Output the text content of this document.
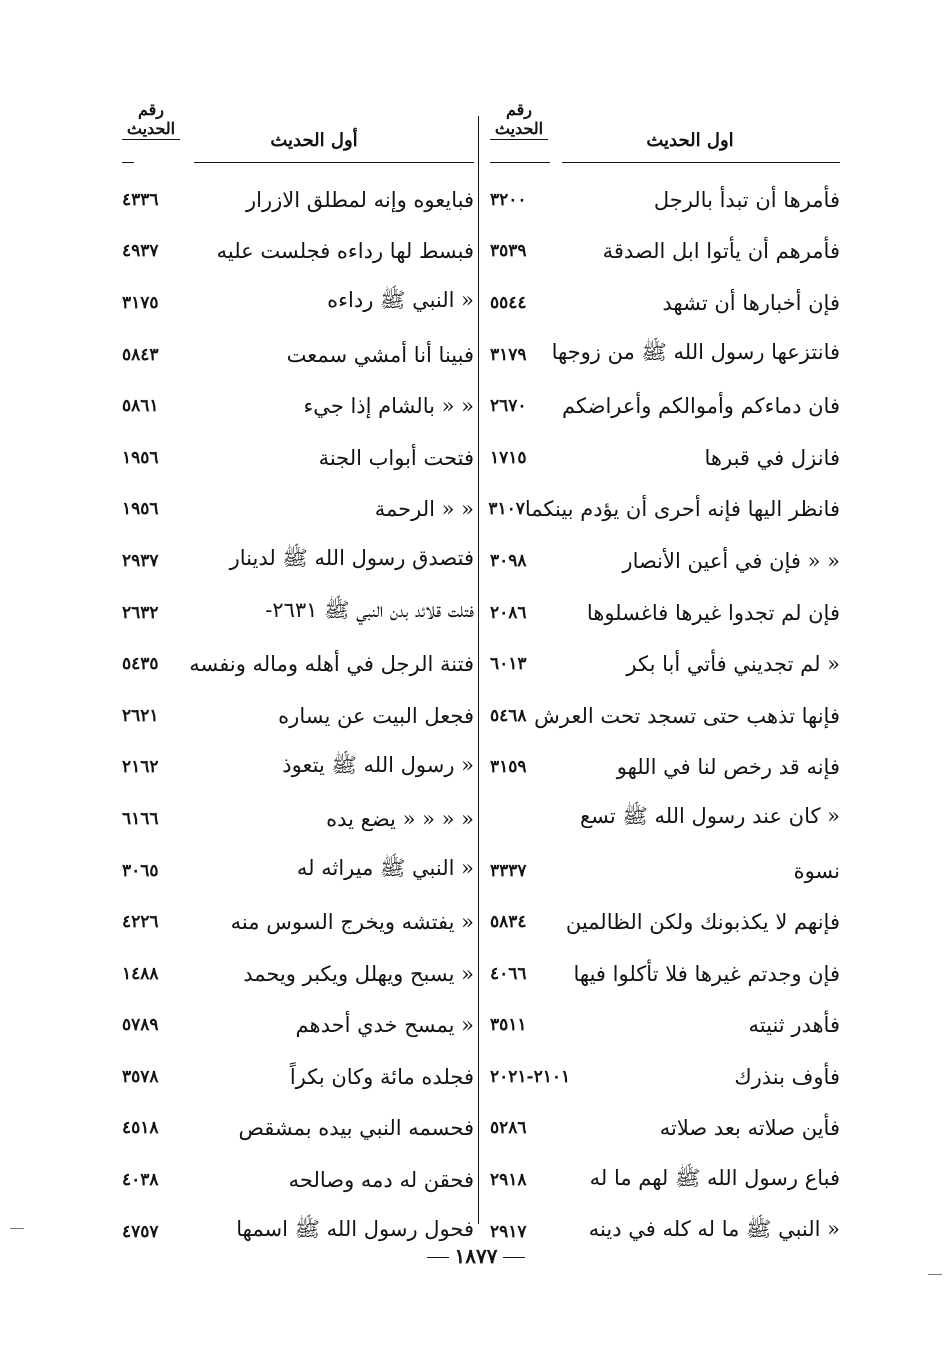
رقم الحديث
اول الحديث
فأمرها أن تبدأ بالرجل
٣٢٠٠
فأمرهم أن يأتوا ابل الصدقة
٣٥٣٩
فإن أخبارها أن تشهد
٥٥٤٤
فانتزعها رسول الله ﷺ من زوجها
٣١٧٩
فان دماءكم وأموالكم وأعراضكم
٢٦٧٠
فانزل في قبرها
١٧١٥
فانظر اليها فإنه أحرى أن يؤدم بينكما
٣١٠٧
« « فإن في أعين الأنصار
٣٠٩٨
فإن لم تجدوا غيرها فاغسلوها
٢٠٨٦
« لم تجديني فأتي أبا بكر
٦٠١٣
فإنها تذهب حتى تسجد تحت العرش
٥٤٦٨
فإنه قد رخص لنا في اللهو
٣١٥٩
« كان عند رسول الله ﷺ تسع
نسوة
٣٣٣٧
فإنهم لا يكذبونك ولكن الظالمين
٥٨٣٤
فإن وجدتم غيرها فلا تأكلوا فيها
٤٠٦٦
فأهدر ثنيته
٣٥١١
فأوف بنذرك
٢١٠١-٢٠٢١
فأين صلاته بعد صلاته
٥٢٨٦
فباع رسول الله ﷺ لهم ما له
٢٩١٨
« النبي ﷺ ما له كله في دينه
٢٩١٧
رقم الحديث
أول الحديث
فبايعوه وإنه لمطلق الازرار
٤٣٣٦
فبسط لها رداءه فجلست عليه
٤٩٣٧
« النبي ﷺ رداءه
٣١٧٥
فبينا أنا أمشي سمعت
٥٨٤٣
« « بالشام إذا جيء
٥٨٦١
فتحت أبواب الجنة
١٩٥٦
« « الرحمة
١٩٥٦
فتصدق رسول الله ﷺ لدينار
٢٩٣٧
فتلت قلائد بدن النبي ﷺ ٢٦٣١-
٢٦٣٢
فتنة الرجل في أهله وماله ونفسه
٥٤٣٥
فجعل البيت عن يساره
٢٦٢١
« رسول الله ﷺ يتعوذ
٢١٦٢
« « « « يضع يده
٦١٦٦
« النبي ﷺ ميراثه له
٣٠٦٥
« يفتشه ويخرج السوس منه
٤٢٢٦
« يسبح ويهلل ويكبر ويحمد
١٤٨٨
« يمسح خدي أحدهم
٥٧٨٩
فجلده مائة وكان بكراً
٣٥٧٨
فحسمه النبي بيده بمشقص
٤٥١٨
فحقن له دمه وصالحه
٤٠٣٨
فحول رسول الله ﷺ اسمها
٤٧٥٧
١٨٧٧
